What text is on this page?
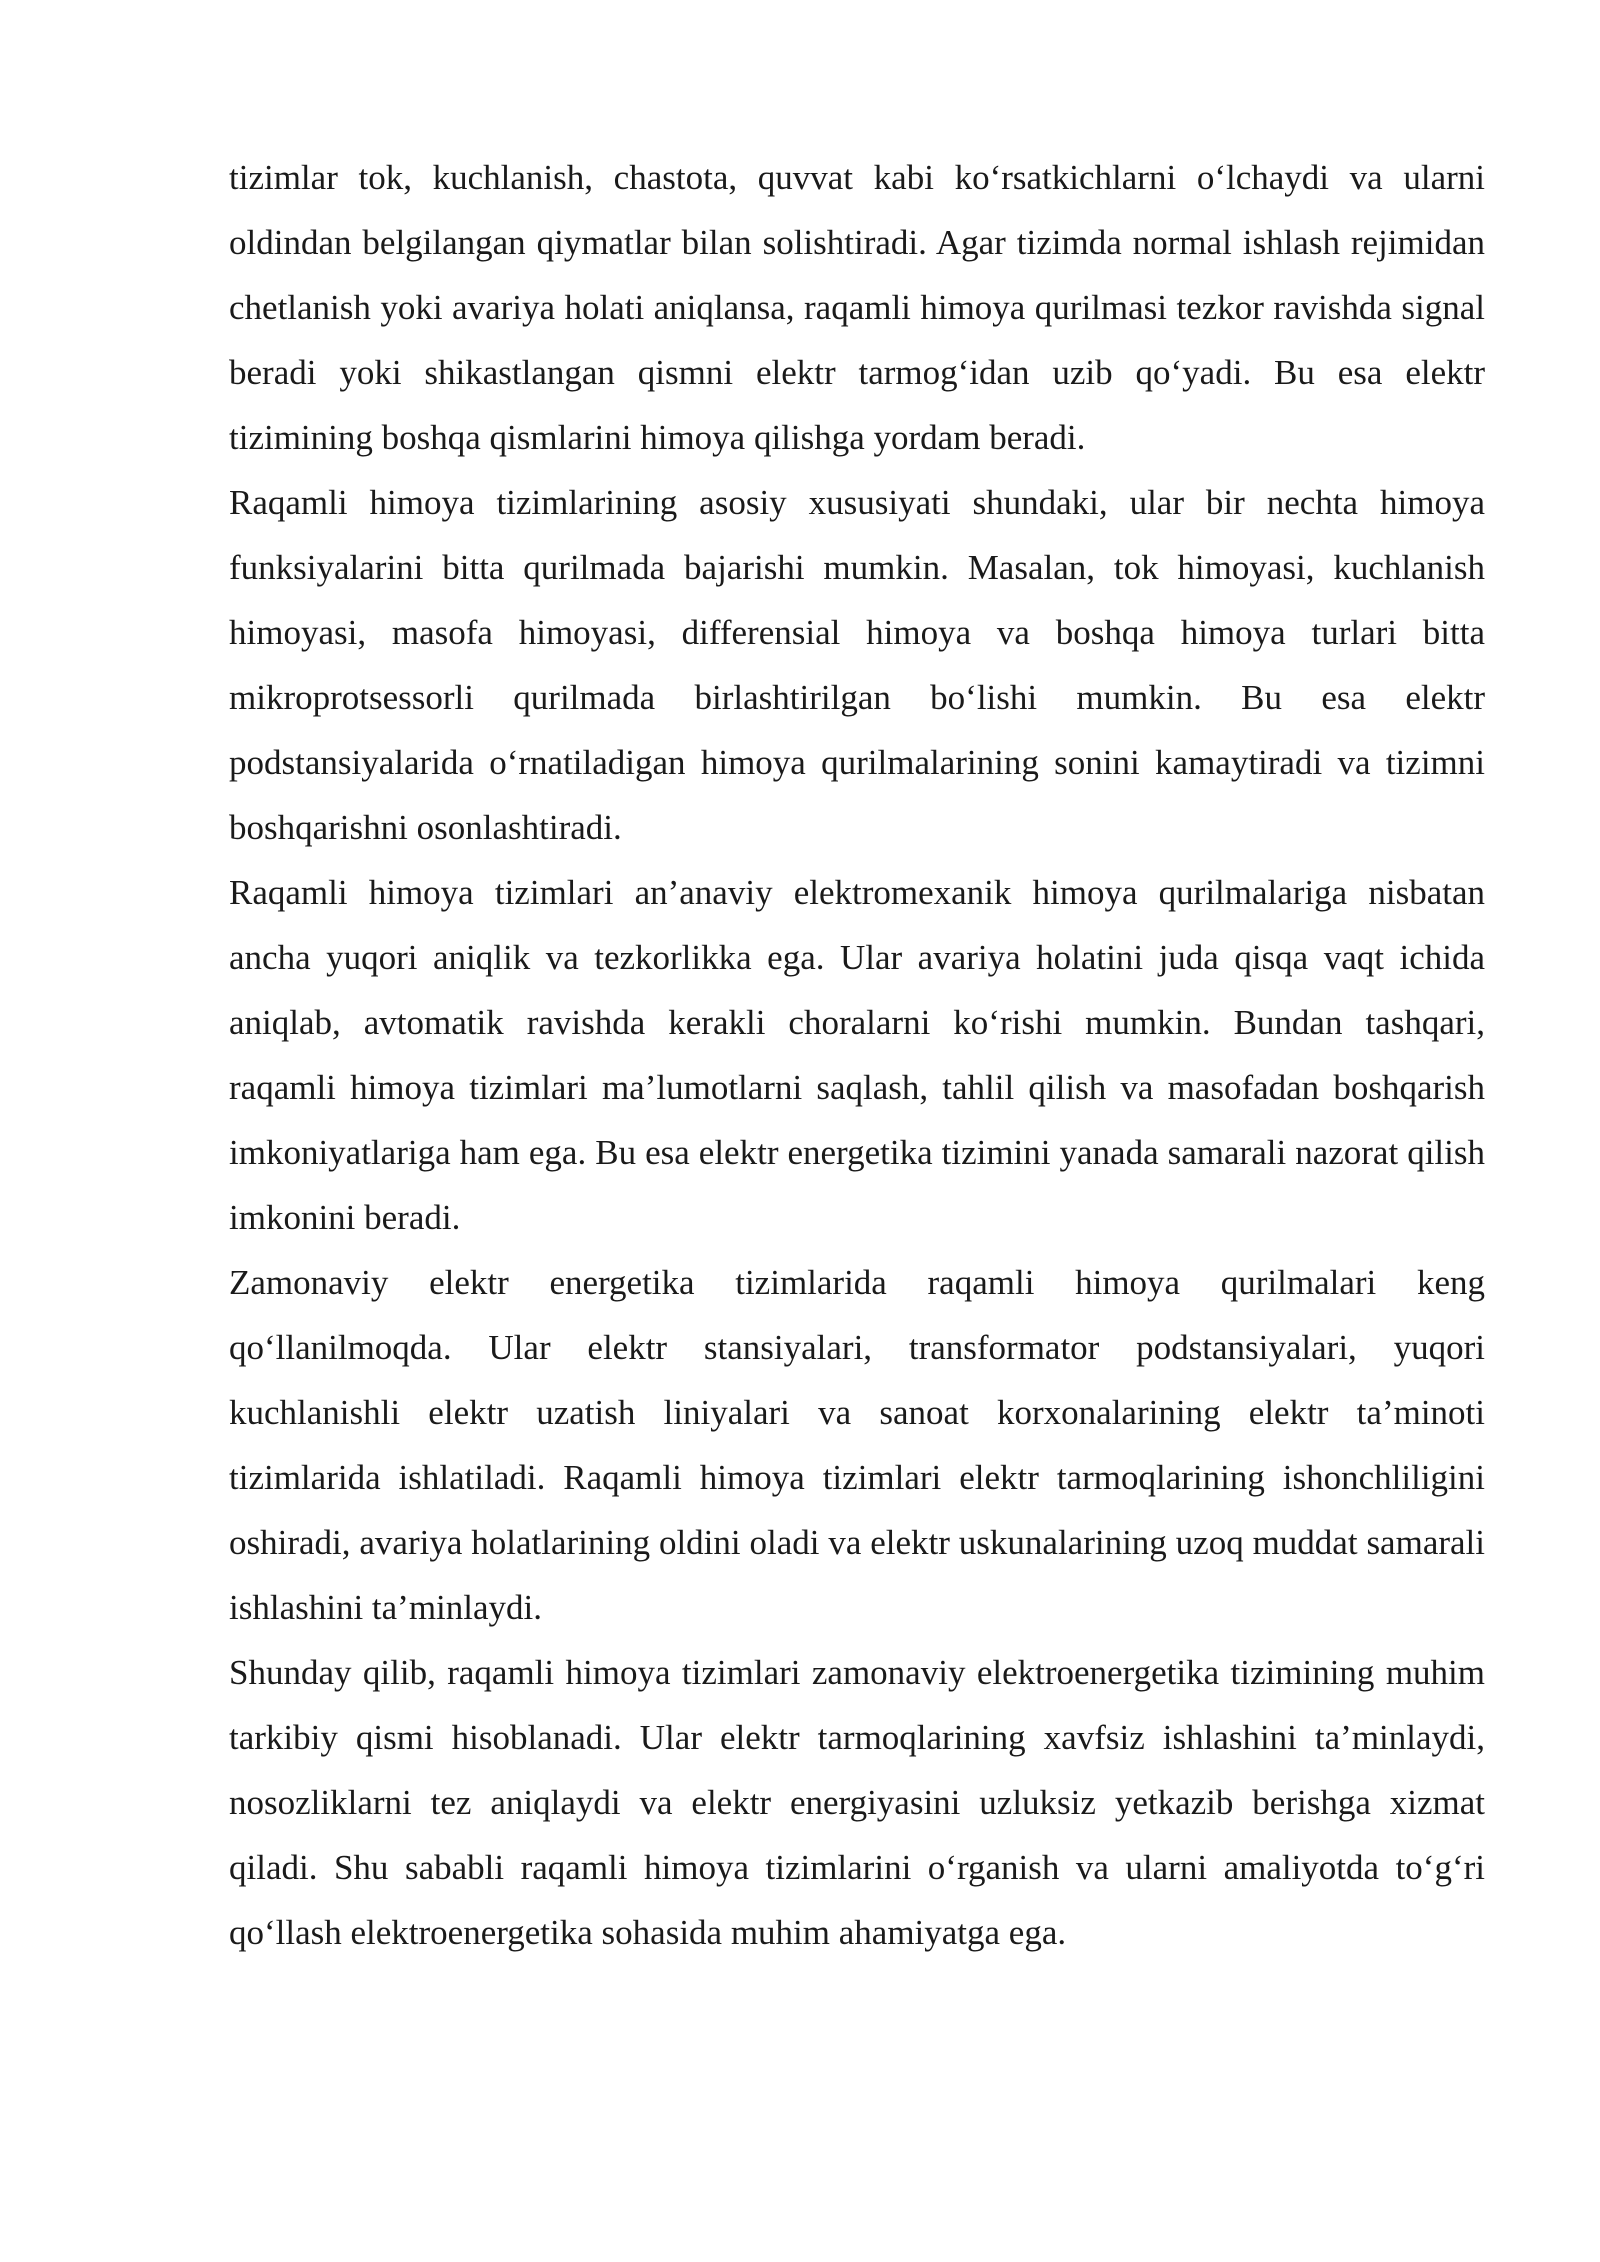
tizimlar tok, kuchlanish, chastota, quvvat kabi ko‘rsatkichlarni o‘lchaydi va ularni oldindan belgilangan qiymatlar bilan solishtiradi. Agar tizimda normal ishlash rejimidan chetlanish yoki avariya holati aniqlansa, raqamli himoya qurilmasi tezkor ravishda signal beradi yoki shikastlangan qismni elektr tarmog‘idan uzib qo‘yadi. Bu esa elektr tizimining boshqa qismlarini himoya qilishga yordam beradi.

Raqamli himoya tizimlarining asosiy xususiyati shundaki, ular bir nechta himoya funksiyalarini bitta qurilmada bajarishi mumkin. Masalan, tok himoyasi, kuchlanish himoyasi, masofa himoyasi, differensial himoya va boshqa himoya turlari bitta mikroprotsessorli qurilmada birlashtirilgan bo‘lishi mumkin. Bu esa elektr podstansiyalarida o‘rnatiladigan himoya qurilmalarining sonini kamaytiradi va tizimni boshqarishni osonlashtiradi.

Raqamli himoya tizimlari an’anaviy elektromexanik himoya qurilmalariga nisbatan ancha yuqori aniqlik va tezkorlikka ega. Ular avariya holatini juda qisqa vaqt ichida aniqlab, avtomatik ravishda kerakli choralarni ko‘rishi mumkin. Bundan tashqari, raqamli himoya tizimlari ma’lumotlarni saqlash, tahlil qilish va masofadan boshqarish imkoniyatlariga ham ega. Bu esa elektr energetika tizimini yanada samarali nazorat qilish imkonini beradi.

Zamonaviy elektr energetika tizimlarida raqamli himoya qurilmalari keng qo‘llanilmoqda. Ular elektr stansiyalari, transformator podstansiyalari, yuqori kuchlanishli elektr uzatish liniyalari va sanoat korxonalarining elektr ta’minoti tizimlarida ishlatiladi. Raqamli himoya tizimlari elektr tarmoqlarining ishonchliligini oshiradi, avariya holatlarining oldini oladi va elektr uskunalarining uzoq muddat samarali ishlashini ta’minlaydi.

Shunday qilib, raqamli himoya tizimlari zamonaviy elektroenergetika tizimining muhim tarkibiy qismi hisoblanadi. Ular elektr tarmoqlarining xavfsiz ishlashini ta’minlaydi, nosozliklarni tez aniqlaydi va elektr energiyasini uzluksiz yetkazib berishga xizmat qiladi. Shu sababli raqamli himoya tizimlarini o‘rganish va ularni amaliyotda to‘g‘ri qo‘llash elektroenergetika sohasida muhim ahamiyatga ega.
